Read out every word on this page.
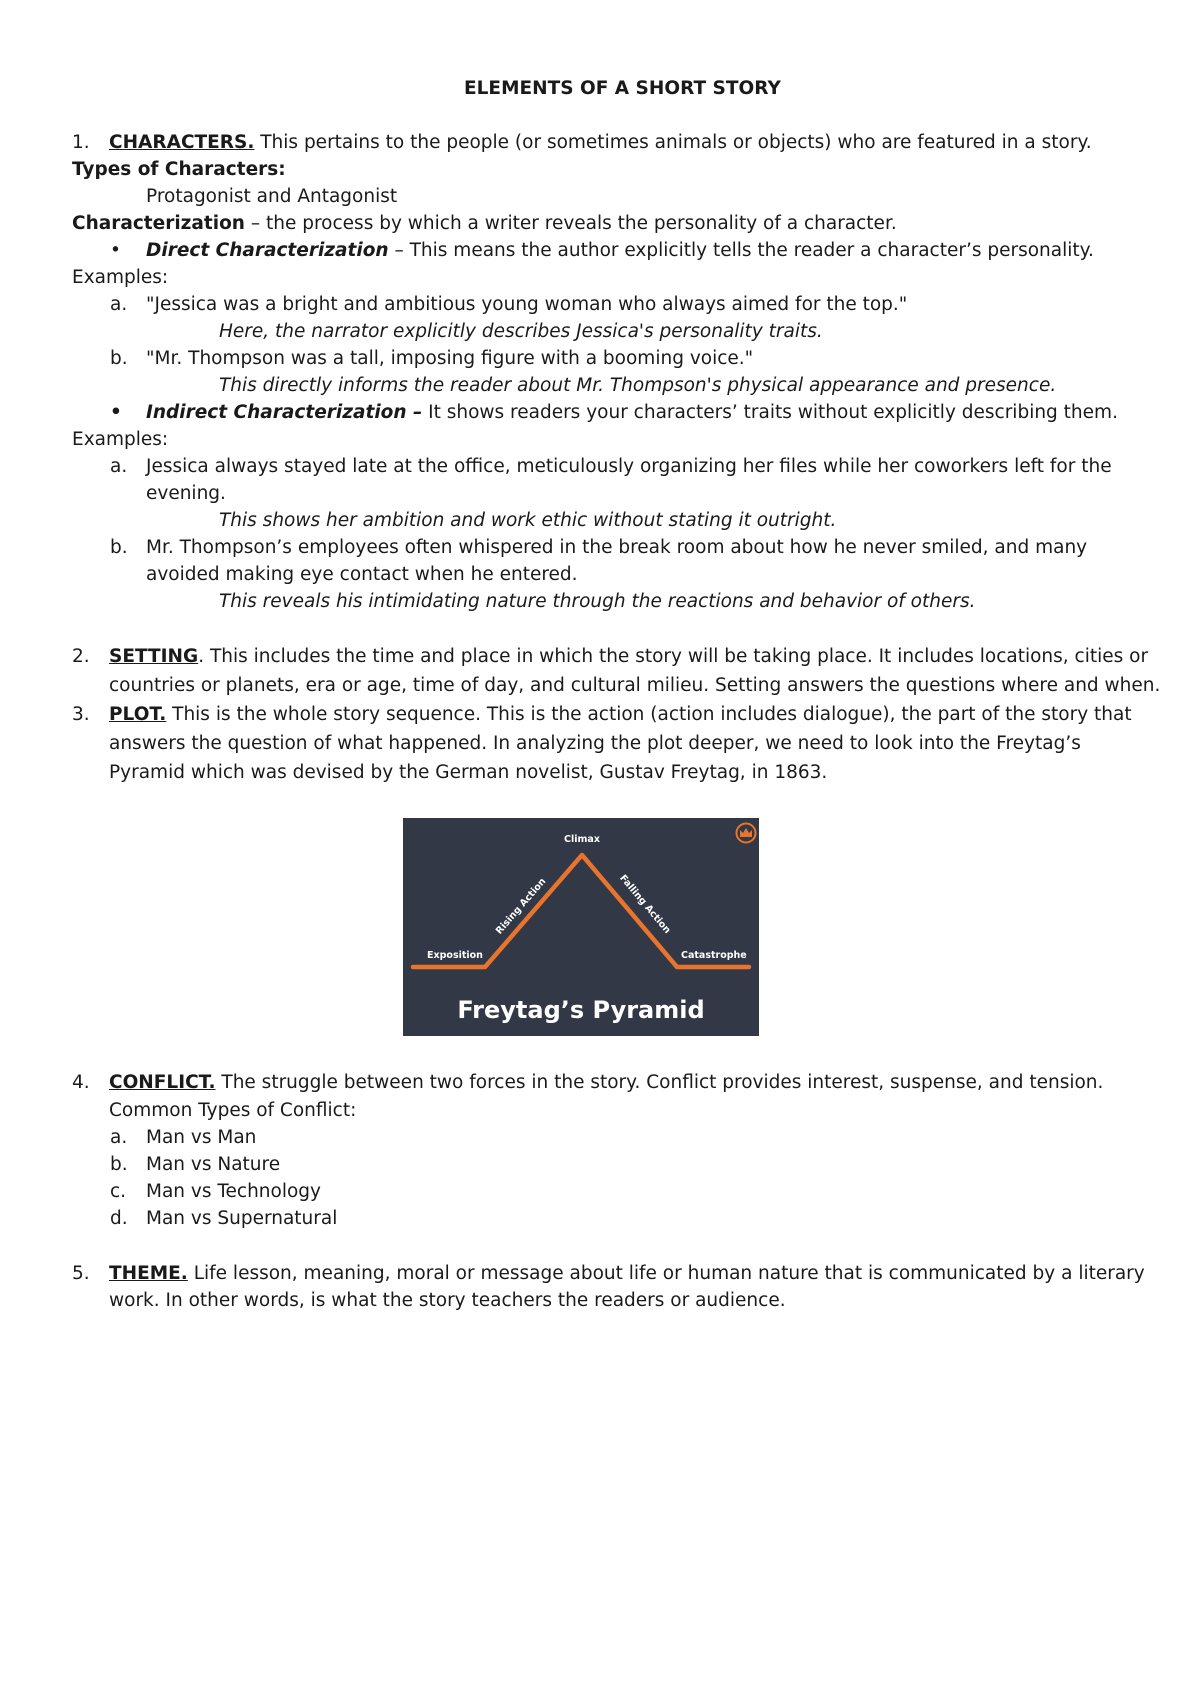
ELEMENTS OF A SHORT STORY
1. CHARACTERS. This pertains to the people (or sometimes animals or objects) who are featured in a story.
Types of Characters:
Protagonist and Antagonist
Characterization – the process by which a writer reveals the personality of a character.
• Direct Characterization – This means the author explicitly tells the reader a character’s personality.
Examples:
a. "Jessica was a bright and ambitious young woman who always aimed for the top."
Here, the narrator explicitly describes Jessica's personality traits.
b. "Mr. Thompson was a tall, imposing figure with a booming voice."
This directly informs the reader about Mr. Thompson's physical appearance and presence.
• Indirect Characterization – It shows readers your characters’ traits without explicitly describing them.
Examples:
a. Jessica always stayed late at the office, meticulously organizing her files while her coworkers left for the
evening.
This shows her ambition and work ethic without stating it outright.
b. Mr. Thompson’s employees often whispered in the break room about how he never smiled, and many
avoided making eye contact when he entered.
This reveals his intimidating nature through the reactions and behavior of others.
2. SETTING. This includes the time and place in which the story will be taking place. It includes locations, cities or
countries or planets, era or age, time of day, and cultural milieu. Setting answers the questions where and when.
3. PLOT. This is the whole story sequence. This is the action (action includes dialogue), the part of the story that
answers the question of what happened. In analyzing the plot deeper, we need to look into the Freytag’s
Pyramid which was devised by the German novelist, Gustav Freytag, in 1863.
Climax
Rising Action	Falling Action
Exposition	Catastrophe
Freytag’s Pyramid
4. CONFLICT. The struggle between two forces in the story. Conflict provides interest, suspense, and tension.
Common Types of Conflict:
a. Man vs Man
b. Man vs Nature
c. Man vs Technology
d. Man vs Supernatural
5. THEME. Life lesson, meaning, moral or message about life or human nature that is communicated by a literary
work. In other words, is what the story teachers the readers or audience.
